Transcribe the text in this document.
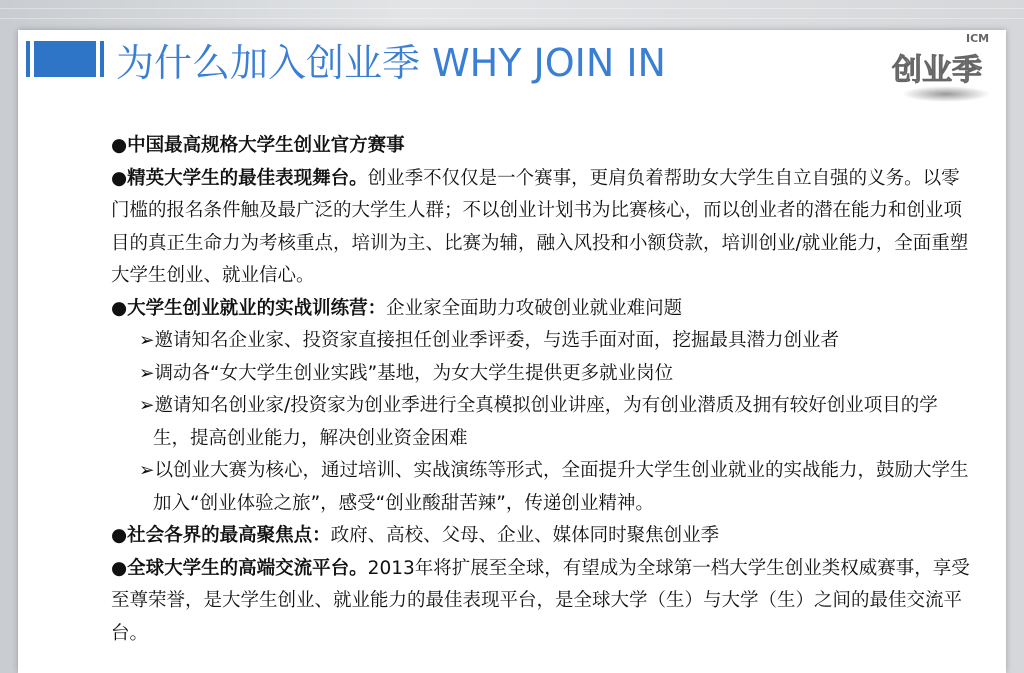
为什么加入创业季 WHY JOIN IN
ICM
创业季

●中国最高规格大学生创业官方赛事

●精英大学生的最佳表现舞台。创业季不仅仅是一个赛事，更肩负着帮助女大学生自立自强的义务。以零门槛的报名条件触及最广泛的大学生人群；不以创业计划书为比赛核心，而以创业者的潜在能力和创业项目的真正生命力为考核重点，培训为主、比赛为辅，融入风投和小额贷款，培训创业/就业能力，全面重塑大学生创业、就业信心。

●大学生创业就业的实战训练营：企业家全面助力攻破创业就业难问题

➢邀请知名企业家、投资家直接担任创业季评委，与选手面对面，挖掘最具潜力创业者

➢调动各“女大学生创业实践”基地，为女大学生提供更多就业岗位

➢邀请知名创业家/投资家为创业季进行全真模拟创业讲座，为有创业潜质及拥有较好创业项目的学生，提高创业能力，解决创业资金困难

➢以创业大赛为核心，通过培训、实战演练等形式，全面提升大学生创业就业的实战能力，鼓励大学生加入“创业体验之旅”，感受“创业酸甜苦辣”，传递创业精神。

●社会各界的最高聚焦点：政府、高校、父母、企业、媒体同时聚焦创业季

●全球大学生的高端交流平台。2013年将扩展至全球，有望成为全球第一档大学生创业类权威赛事，享受至尊荣誉，是大学生创业、就业能力的最佳表现平台，是全球大学（生）与大学（生）之间的最佳交流平台。
